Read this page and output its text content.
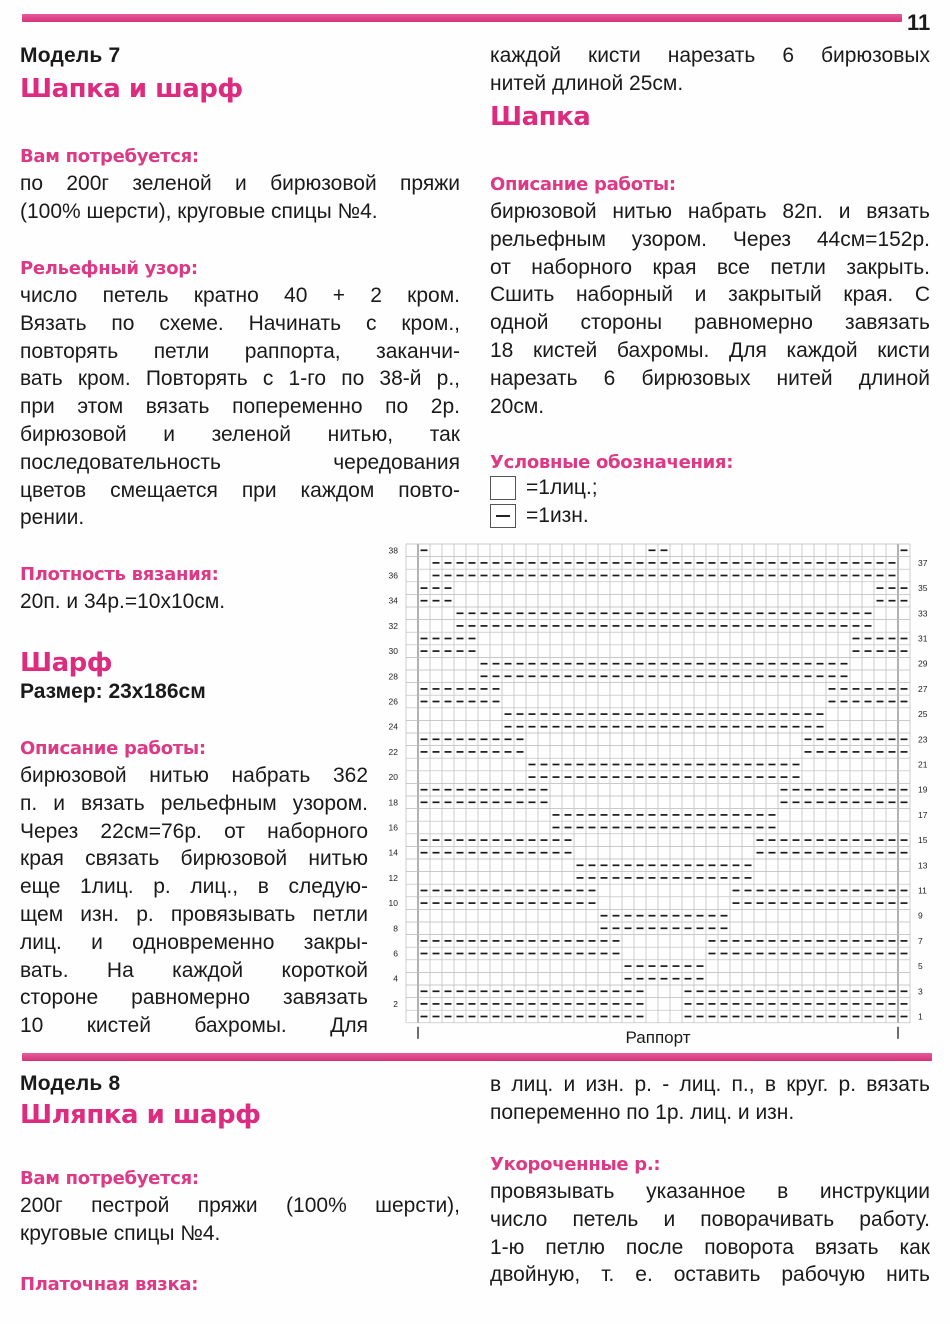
11
Модель 7
Шапка и шарф
Вам потребуется:
по 200г зеленой и бирюзовой пряжи
(100% шерсти), круговые спицы №4.
Рельефный узор:
число петель кратно 40 + 2 кром.
Вязать по схеме. Начинать с кром.,
повторять петли раппорта, заканчи-
вать кром. Повторять с 1-го по 38-й р.,
при этом вязать попеременно по 2р.
бирюзовой и зеленой нитью, так
последовательность чередования
цветов смещается при каждом повто-
рении.
Плотность вязания:
20п. и 34р.=10х10см.
Шарф
Размер: 23х186см
Описание работы:
бирюзовой нитью набрать 362
п. и вязать рельефным узором.
Через 22см=76р. от наборного
края связать бирюзовой нитью
еще 1лиц. р. лиц., в следую-
щем изн. р. провязывать петли
лиц. и одновременно закры-
вать. На каждой короткой
стороне равномерно завязать
10 кистей бахромы. Для
каждой кисти нарезать 6 бирюзовых
нитей длиной 25см.
Шапка
Описание работы:
бирюзовой нитью набрать 82п. и вязать
рельефным узором. Через 44см=152р.
от наборного края все петли закрыть.
Сшить наборный и закрытый края. С
одной стороны равномерно завязать
18 кистей бахромы. Для каждой кисти
нарезать 6 бирюзовых нитей длиной
20см.
Условные обозначения:
=1лиц.;
=1изн.
38
36
34
32
30
28
26
24
22
20
18
16
14
12
10
8
6
4
2
37
35
33
31
29
27
25
23
21
19
17
15
13
11
9
7
5
3
1
Раппорт
Модель 8
Шляпка и шарф
Вам потребуется:
200г пестрой пряжи (100% шерсти),
круговые спицы №4.
Платочная вязка:
в лиц. и изн. р. - лиц. п., в круг. р. вязать
попеременно по 1р. лиц. и изн.
Укороченные р.:
провязывать указанное в инструкции
число петель и поворачивать работу.
1-ю петлю после поворота вязать как
двойную, т. е. оставить рабочую нить
